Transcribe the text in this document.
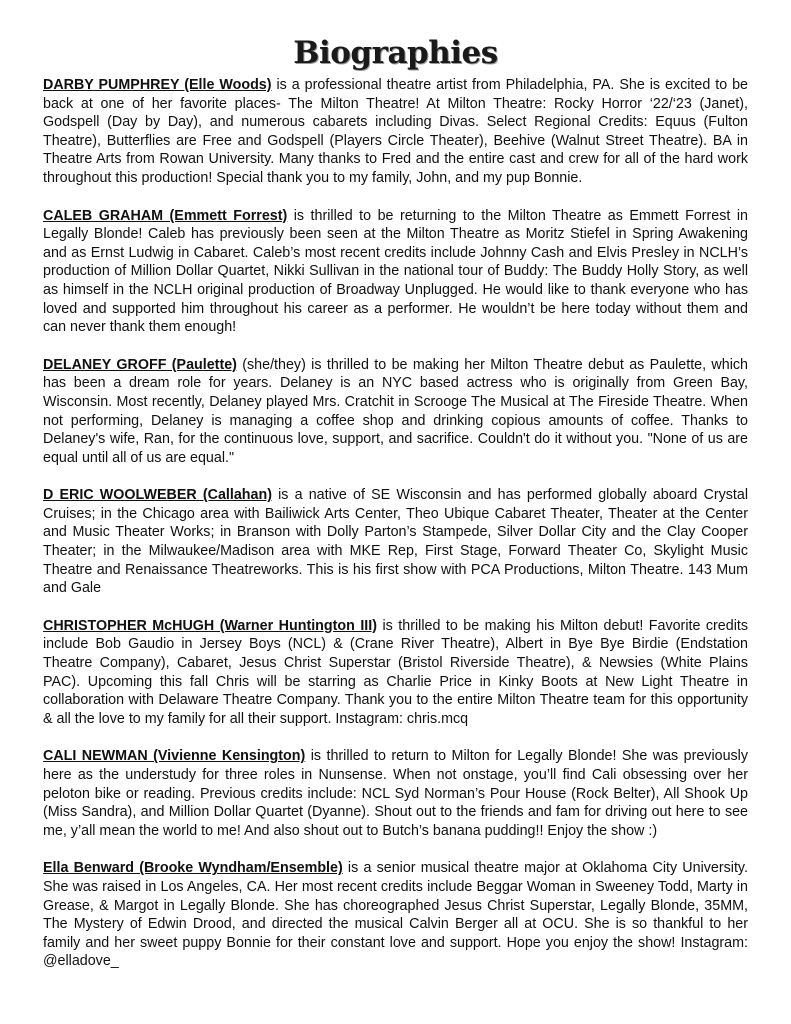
Biographies

DARBY PUMPHREY (Elle Woods) is a professional theatre artist from Philadelphia, PA. She is excited to be back at one of her favorite places- The Milton Theatre! At Milton Theatre: Rocky Horror ‘22/‘23 (Janet), Godspell (Day by Day), and numerous cabarets including Divas. Select Regional Credits: Equus (Fulton Theatre), Butterflies are Free and Godspell (Players Circle Theater), Beehive (Walnut Street Theatre). BA in Theatre Arts from Rowan University. Many thanks to Fred and the entire cast and crew for all of the hard work throughout this production! Special thank you to my family, John, and my pup Bonnie.

CALEB GRAHAM (Emmett Forrest) is thrilled to be returning to the Milton Theatre as Emmett Forrest in Legally Blonde! Caleb has previously been seen at the Milton Theatre as Moritz Stiefel in Spring Awakening and as Ernst Ludwig in Cabaret. Caleb’s most recent credits include Johnny Cash and Elvis Presley in NCLH’s production of Million Dollar Quartet, Nikki Sullivan in the national tour of Buddy: The Buddy Holly Story, as well as himself in the NCLH original production of Broadway Unplugged. He would like to thank everyone who has loved and supported him throughout his career as a performer. He wouldn’t be here today without them and can never thank them enough!

DELANEY GROFF (Paulette) (she/they) is thrilled to be making her Milton Theatre debut as Paulette, which has been a dream role for years. Delaney is an NYC based actress who is originally from Green Bay, Wisconsin. Most recently, Delaney played Mrs. Cratchit in Scrooge The Musical at The Fireside Theatre. When not performing, Delaney is managing a coffee shop and drinking copious amounts of coffee. Thanks to Delaney's wife, Ran, for the continuous love, support, and sacrifice. Couldn't do it without you. "None of us are equal until all of us are equal."

D ERIC WOOLWEBER (Callahan) is a native of SE Wisconsin and has performed globally aboard Crystal Cruises; in the Chicago area with Bailiwick Arts Center, Theo Ubique Cabaret Theater, Theater at the Center and Music Theater Works; in Branson with Dolly Parton’s Stampede, Silver Dollar City and the Clay Cooper Theater; in the Milwaukee/Madison area with MKE Rep, First Stage, Forward Theater Co, Skylight Music Theatre and Renaissance Theatreworks. This is his first show with PCA Productions, Milton Theatre. 143 Mum and Gale

CHRISTOPHER McHUGH (Warner Huntington III) is thrilled to be making his Milton debut! Favorite credits include Bob Gaudio in Jersey Boys (NCL) & (Crane River Theatre), Albert in Bye Bye Birdie (Endstation Theatre Company), Cabaret, Jesus Christ Superstar (Bristol Riverside Theatre), & Newsies (White Plains PAC). Upcoming this fall Chris will be starring as Charlie Price in Kinky Boots at New Light Theatre in collaboration with Delaware Theatre Company. Thank you to the entire Milton Theatre team for this opportunity & all the love to my family for all their support. Instagram: chris.mcq

CALI NEWMAN (Vivienne Kensington) is thrilled to return to Milton for Legally Blonde! She was previously here as the understudy for three roles in Nunsense. When not onstage, you’ll find Cali obsessing over her peloton bike or reading. Previous credits include: NCL Syd Norman’s Pour House (Rock Belter), All Shook Up (Miss Sandra), and Million Dollar Quartet (Dyanne). Shout out to the friends and fam for driving out here to see me, y’all mean the world to me! And also shout out to Butch’s banana pudding!! Enjoy the show :)

Ella Benward (Brooke Wyndham/Ensemble) is a senior musical theatre major at Oklahoma City University. She was raised in Los Angeles, CA. Her most recent credits include Beggar Woman in Sweeney Todd, Marty in Grease, & Margot in Legally Blonde. She has choreographed Jesus Christ Superstar, Legally Blonde, 35MM, The Mystery of Edwin Drood, and directed the musical Calvin Berger all at OCU. She is so thankful to her family and her sweet puppy Bonnie for their constant love and support. Hope you enjoy the show! Instagram: @elladove_
